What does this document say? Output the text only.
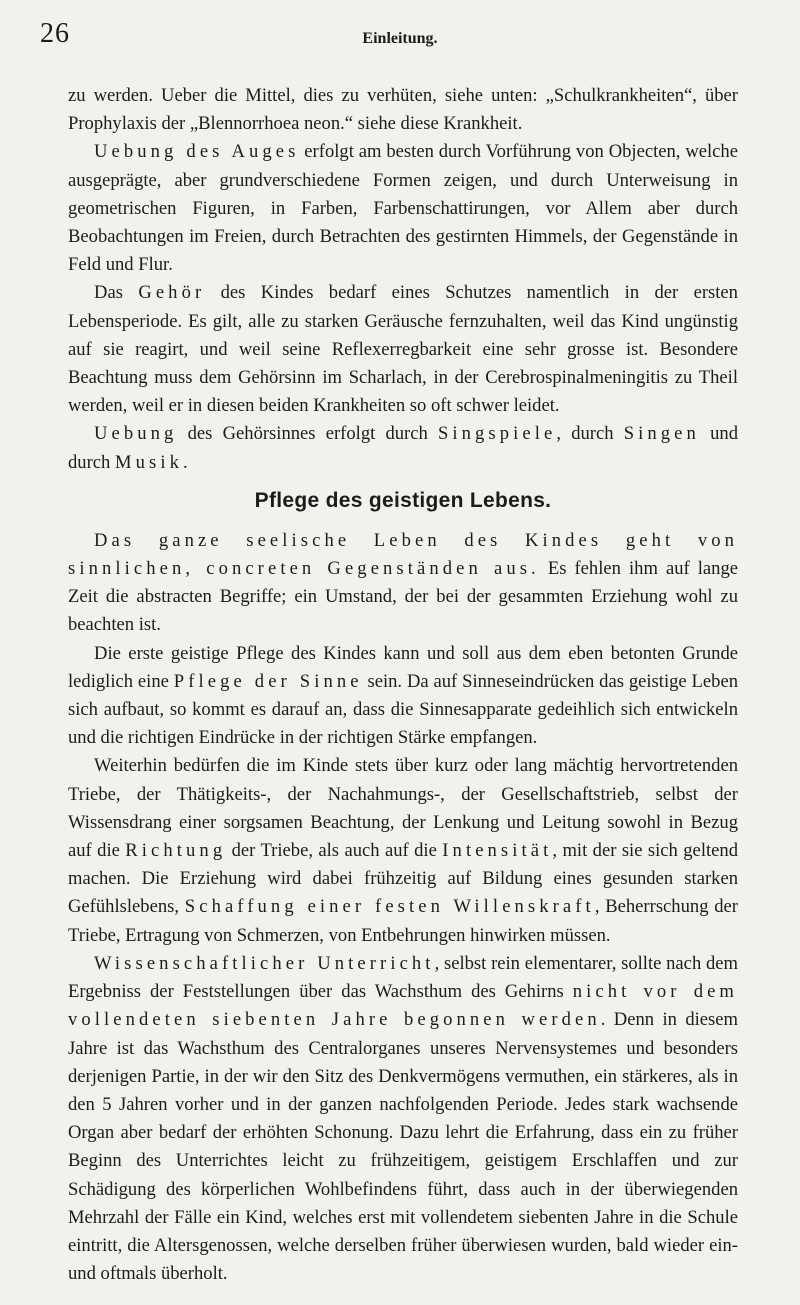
26	Einleitung.

zu werden. Ueber die Mittel, dies zu verhüten, siehe unten: „Schulkrankheiten“, über Prophylaxis der „Blennorrhoea neon.“ siehe diese Krankheit.

Uebung des Auges erfolgt am besten durch Vorführung von Objecten, welche ausgeprägte, aber grundverschiedene Formen zeigen, und durch Unterweisung in geometrischen Figuren, in Farben, Farbenschattirungen, vor Allem aber durch Beobachtungen im Freien, durch Betrachten des gestirnten Himmels, der Gegenstände in Feld und Flur.

Das Gehör des Kindes bedarf eines Schutzes namentlich in der ersten Lebensperiode. Es gilt, alle zu starken Geräusche fernzuhalten, weil das Kind ungünstig auf sie reagirt, und weil seine Reflexerregbarkeit eine sehr grosse ist. Besondere Beachtung muss dem Gehörsinn im Scharlach, in der Cerebrospinalmeningitis zu Theil werden, weil er in diesen beiden Krankheiten so oft schwer leidet.

Uebung des Gehörsinnes erfolgt durch Singspiele, durch Singen und durch Musik.

Pflege des geistigen Lebens.

Das ganze seelische Leben des Kindes geht von sinnlichen, concreten Gegenständen aus. Es fehlen ihm auf lange Zeit die abstracten Begriffe; ein Umstand, der bei der gesammten Erziehung wohl zu beachten ist.

Die erste geistige Pflege des Kindes kann und soll aus dem eben betonten Grunde lediglich eine Pflege der Sinne sein. Da auf Sinneseindrücken das geistige Leben sich aufbaut, so kommt es darauf an, dass die Sinnesapparate gedeihlich sich entwickeln und die richtigen Eindrücke in der richtigen Stärke empfangen.

Weiterhin bedürfen die im Kinde stets über kurz oder lang mächtig hervortretenden Triebe, der Thätigkeits-, der Nachahmungs-, der Gesellschaftstrieb, selbst der Wissensdrang einer sorgsamen Beachtung, der Lenkung und Leitung sowohl in Bezug auf die Richtung der Triebe, als auch auf die Intensität, mit der sie sich geltend machen. Die Erziehung wird dabei frühzeitig auf Bildung eines gesunden starken Gefühlslebens, Schaffung einer festen Willenskraft, Beherrschung der Triebe, Ertragung von Schmerzen, von Entbehrungen hinwirken müssen.

Wissenschaftlicher Unterricht, selbst rein elementarer, sollte nach dem Ergebniss der Feststellungen über das Wachsthum des Gehirns nicht vor dem vollendeten siebenten Jahre begonnen werden. Denn in diesem Jahre ist das Wachsthum des Centralorganes unseres Nervensystemes und besonders derjenigen Partie, in der wir den Sitz des Denkvermögens vermuthen, ein stärkeres, als in den 5 Jahren vorher und in der ganzen nachfolgenden Periode. Jedes stark wachsende Organ aber bedarf der erhöhten Schonung. Dazu lehrt die Erfahrung, dass ein zu früher Beginn des Unterrichtes leicht zu frühzeitigem, geistigem Erschlaffen und zur Schädigung des körperlichen Wohlbefindens führt, dass auch in der überwiegenden Mehrzahl der Fälle ein Kind, welches erst mit vollendetem siebenten Jahre in die Schule eintritt, die Altersgenossen, welche derselben früher überwiesen wurden, bald wieder ein- und oftmals überholt.
